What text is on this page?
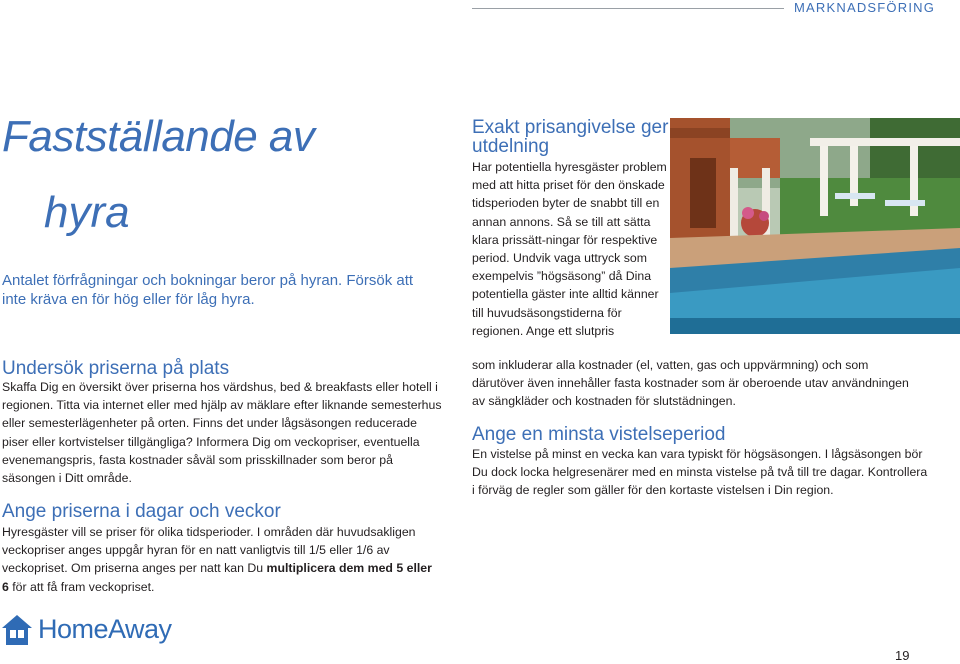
MARKNADSFÖRING
Fastställande av
hyra
Antalet förfrågningar och bokningar beror på hyran. Försök att inte kräva en för hög eller för låg hyra.
Undersök priserna på plats
Skaffa Dig en översikt över priserna hos värdshus, bed & breakfasts eller hotell i regionen. Titta via internet eller med hjälp av mäklare efter liknande semesterhus eller semesterlägenheter på orten. Finns det under lågsäsongen reducerade piser eller kortvistelser tillgängliga? Informera Dig om veckopriser, eventuella evenemangspris, fasta kostnader såväl som prisskillnader som beror på säsongen i Ditt område.
Ange priserna i dagar och veckor
Hyresgäster vill se priser för olika tidsperioder. I områden där huvudsakligen veckopriser anges uppgår hyran för en natt vanligtvis till 1/5 eller 1/6 av veckopriset. Om priserna anges per natt kan Du multiplicera dem med 5 eller 6 för att få fram veckopriset.
Exakt prisangivelse ger utdelning
Har potentiella hyresgäster problem med att hitta priset för den önskade tidsperioden byter de snabbt till en annan annons. Så se till att sätta klara prissätt-ningar för respektive period. Undvik vaga uttryck som exempelvis ”högsäsong” då Dina potentiella gäster inte alltid känner till huvudsäsongstiderna för regionen. Ange ett slutpris
som inkluderar alla kostnader (el, vatten, gas och uppvärmning) och som därutöver även innehåller fasta kostnader som är oberoende utav användningen av sängkläder och kostnaden för slutstädningen.
Ange en minsta vistelseperiod
En vistelse på minst en vecka kan vara typiskt för högsäsongen. I lågsäsongen bör Du dock locka helgresenärer med en minsta vistelse på två till tre dagar. Kontrollera i förväg de regler som gäller för den kortaste vistelsen i Din region.
HomeAway
19
